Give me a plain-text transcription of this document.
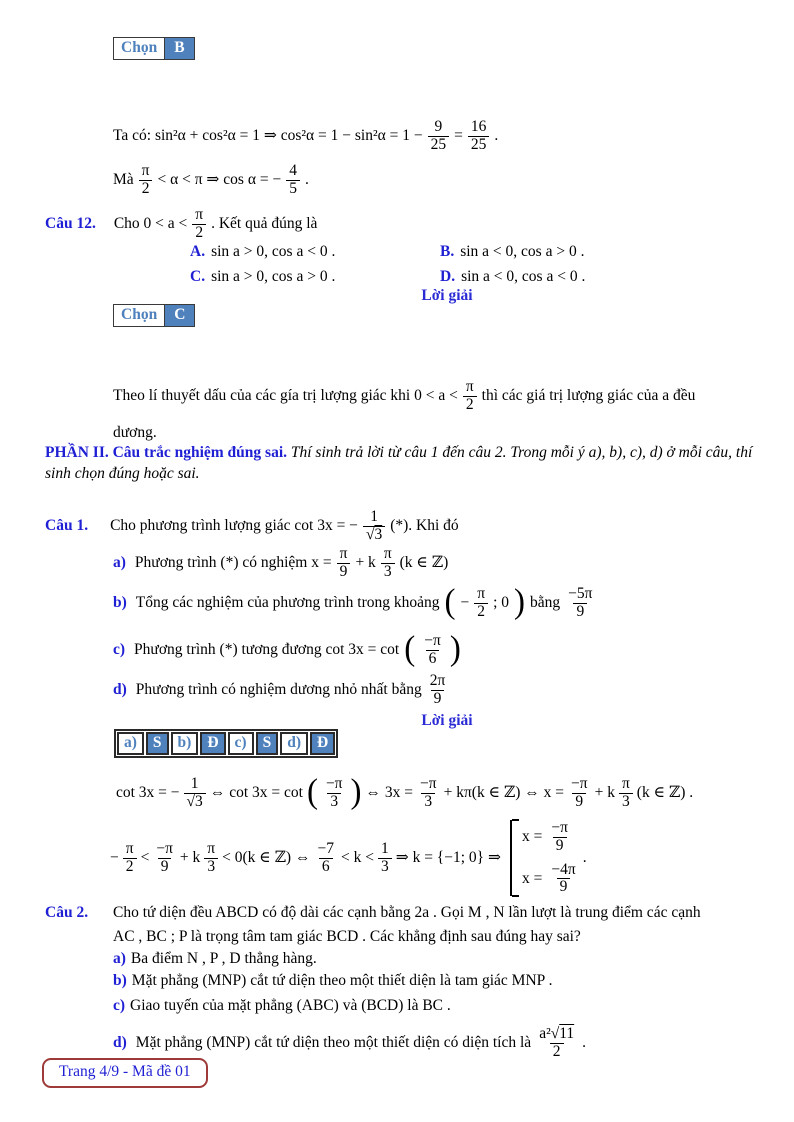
Chọn	B
Ta có: sin²α + cos²α = 1 ⇒ $\cos^2\alpha = 1 - \sin^2\alpha = 1 - \frac{9}{25} = \frac{16}{25}$ .
Mà $\frac{\pi}{2} < \alpha < \pi$ ⇒ cos α = − $\frac{4}{5}$ .
Câu 12. Cho $0 < a < \frac{\pi}{2}$ . Kết quả đúng là
A. sin a > 0, cos a < 0 .	B. sin a < 0, cos a > 0 .
C. sin a > 0, cos a > 0 .	D. sin a < 0, cos a < 0 .
Lời giải
Chọn	C
Theo lí thuyết dấu của các gía trị lượng giác khi $0 < a < \frac{\pi}{2}$ thì các giá trị lượng giác của a đều
dương.

PHẦN II. Câu trắc nghiệm đúng sai. Thí sinh trả lời từ câu 1 đến câu 2. Trong mỗi ý a), b), c), d) ở mỗi câu, thí sinh chọn đúng hoặc sai.

Câu 1. Cho phương trình lượng giác cot 3x = − $\frac{1}{√3}$ (*). Khi đó
a) Phương trình (*) có nghiệm $x = \frac{\pi}{9} + k \frac{\pi}{3} (k$ ∈ ℤ)
b) Tổng các nghiệm của phương trình trong khoảng ( − $\frac{\pi}{2}$ ; 0 ) bằng $\frac{-5\pi}{9}$
c) Phương trình (*) tương đương cot 3x = cot ( $\frac{-\pi}{6}$ )
d) Phương trình có nghiệm dương nhỏ nhất bằng $\frac{2\pi}{9}$
Lời giải
a)	S	b)	Đ	c)	S	d)	Đ
cot 3x = − $\frac{1}{√3}$ ⇔ cot 3x = cot ( $\frac{-\pi}{3}$ ) ⇔ $3x = \frac{-\pi}{3} + k\pi(k$ ∈ ℤ) ⇔ $x = \frac{-\pi}{9} + k \frac{\pi}{3} (k$ ∈ ℤ) .
− $\frac{\pi}{2} < \frac{-\pi}{9} + k \frac{\pi}{3} < 0(k$ ∈ ℤ) ⇔ $\frac{-7}{6} < k < \frac{1}{3}$ ⇒ k = {−1; 0} ⇒
$x = \frac{-\pi}{9}$
$x = \frac{-4\pi}{9}$
.
Câu 2. Cho tứ diện đều ABCD có độ dài các cạnh bằng 2a . Gọi M , N lần lượt là trung điểm các cạnh
AC , BC ; P là trọng tâm tam giác BCD . Các khẳng định sau đúng hay sai?
a) Ba điểm N , P , D thẳng hàng.
b) Mặt phẳng (MNP) cắt tứ diện theo một thiết diện là tam giác MNP .
c) Giao tuyến của mặt phẳng (ABC) và (BCD) là BC .
d) Mặt phẳng (MNP) cắt tứ diện theo một thiết diện có diện tích là $\frac{\text{a²√11}}{2}$ .
Trang 4/9 - Mã đề 01
